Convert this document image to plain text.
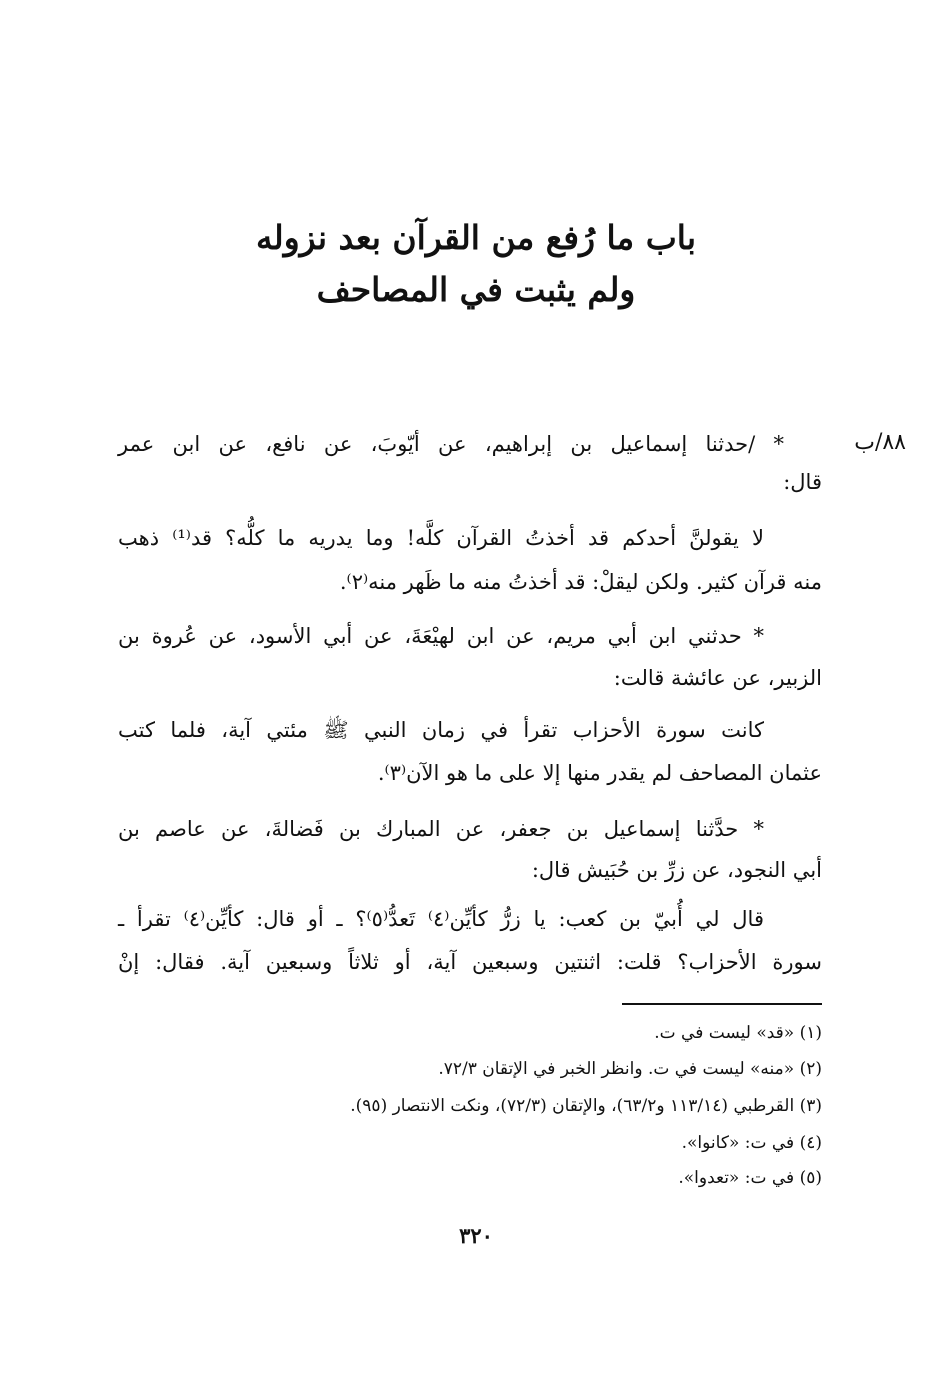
باب ما رُفع من القرآن بعد نزوله
ولم يثبت في المصاحف
٨٨/ب
* /حدثنا إسماعيل بن إبراهيم، عن أيّوبَ، عن نافع، عن ابن عمر
قال:
لا يقولنَّ أحدكم قد أخذتُ القرآن كلَّه! وما يدريه ما كلُّه؟ قد⁽¹⁾ ذهب
منه قرآن كثير. ولكن ليقلْ: قد أخذتُ منه ما ظَهر منه⁽٢⁾.
* حدثني ابن أبي مريم، عن ابن لهيْعَةَ، عن أبي الأسود، عن عُروة بن
الزبير، عن عائشة قالت:
كانت سورة الأحزاب تقرأ في زمان النبي ﷺ مئتي آية، فلما كتب
عثمان المصاحف لم يقدر منها إلا على ما هو الآن⁽٣⁾.
* حدَّثنا إسماعيل بن جعفر، عن المبارك بن فَضالةَ، عن عاصم بن
أبي النجود، عن زرِّ بن حُبَيش قال:
قال لي أُبيّ بن كعب: يا زرُّ كأيِّن⁽٤⁾ تَعدُّ⁽٥⁾؟ ـ أو قال: كأيِّن⁽٤⁾ تقرأ ـ
سورة الأحزاب؟ قلت: اثنتين وسبعين آية، أو ثلاثاً وسبعين آية. فقال: إنْ
(١) «قد» ليست في ت.
(٢) «منه» ليست في ت. وانظر الخبر في الإتقان ٧٢/٣.
(٣) القرطبي (١١٣/١٤ و٦٣/٢)، والإتقان (٧٢/٣)، ونكت الانتصار (٩٥).
(٤) في ت: «كانوا».
(٥) في ت: «تعدوا».
٣٢٠
